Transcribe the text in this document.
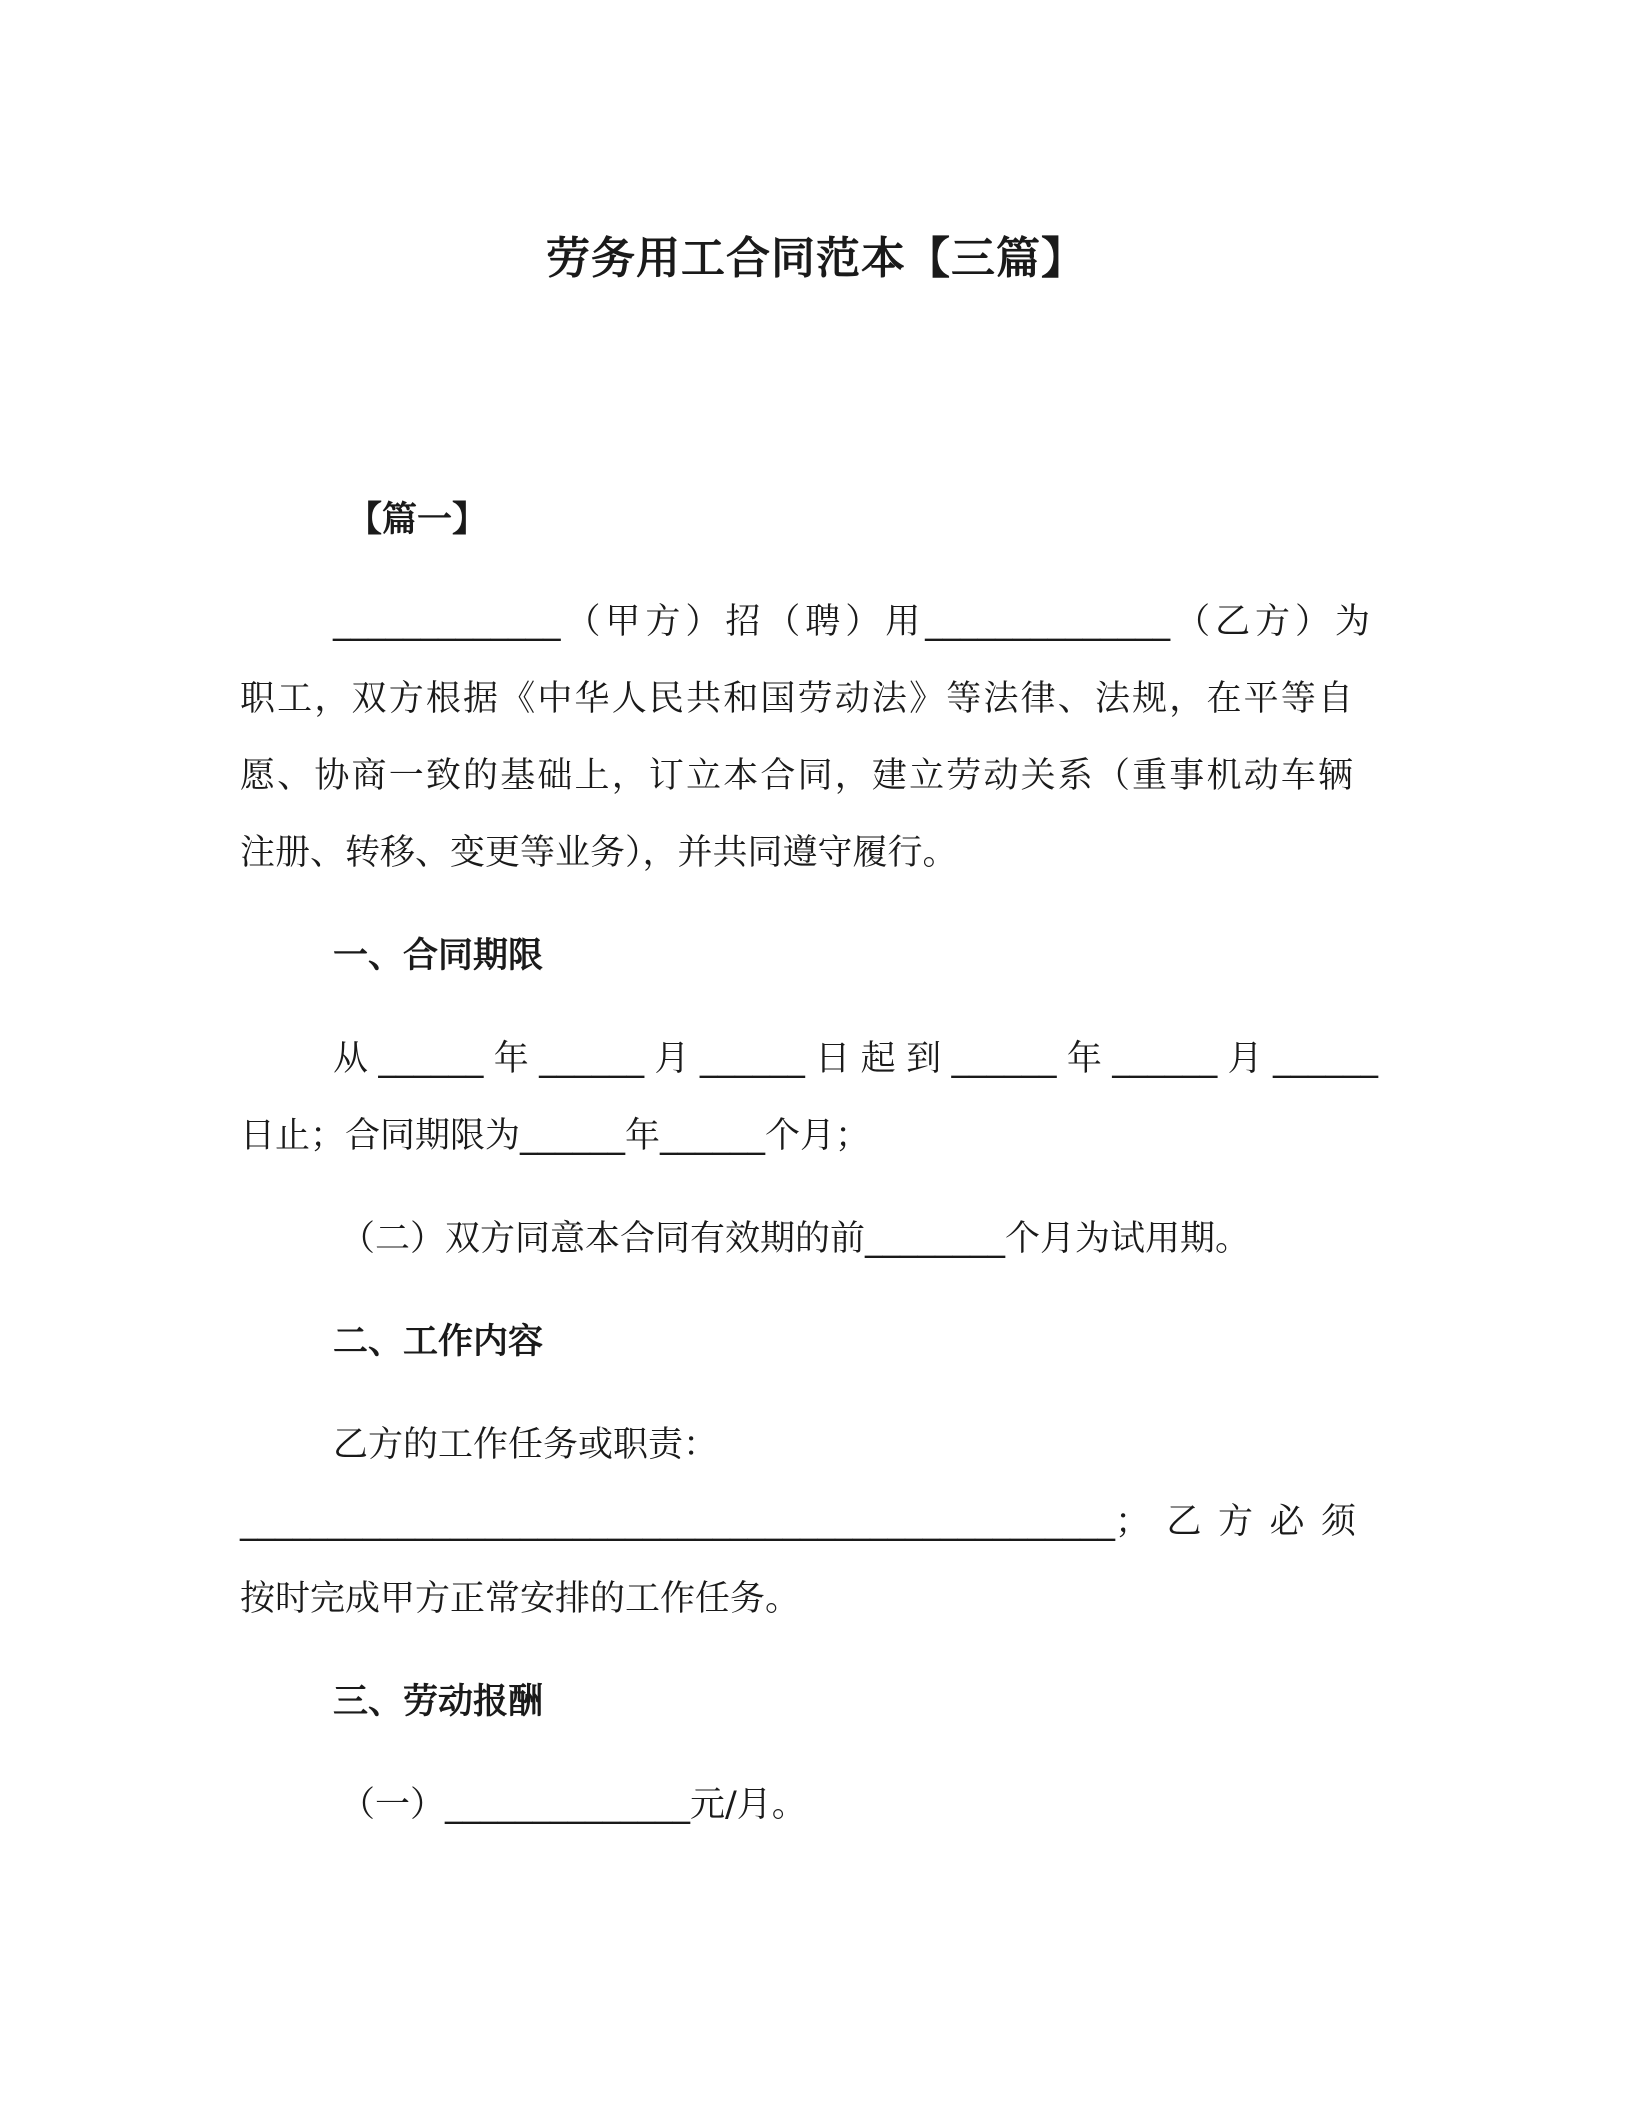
劳务用工合同范本【三篇】
【篇一】
_____________（甲方）招（聘）用______________（乙方）为
职工，双方根据《中华人民共和国劳动法》等法律、法规，在平等自
愿、协商一致的基础上，订立本合同，建立劳动关系（重事机动车辆
注册、转移、变更等业务），并共同遵守履行。
一、合同期限
从______年______月______日起到______年______月______
日止；合同期限为______年______个月；
（二）双方同意本合同有效期的前________个月为试用期。
二、工作内容
乙方的工作任务或职责：
__________________________________________________；乙方必须
按时完成甲方正常安排的工作任务。
三、劳动报酬
（一）______________元/月。
